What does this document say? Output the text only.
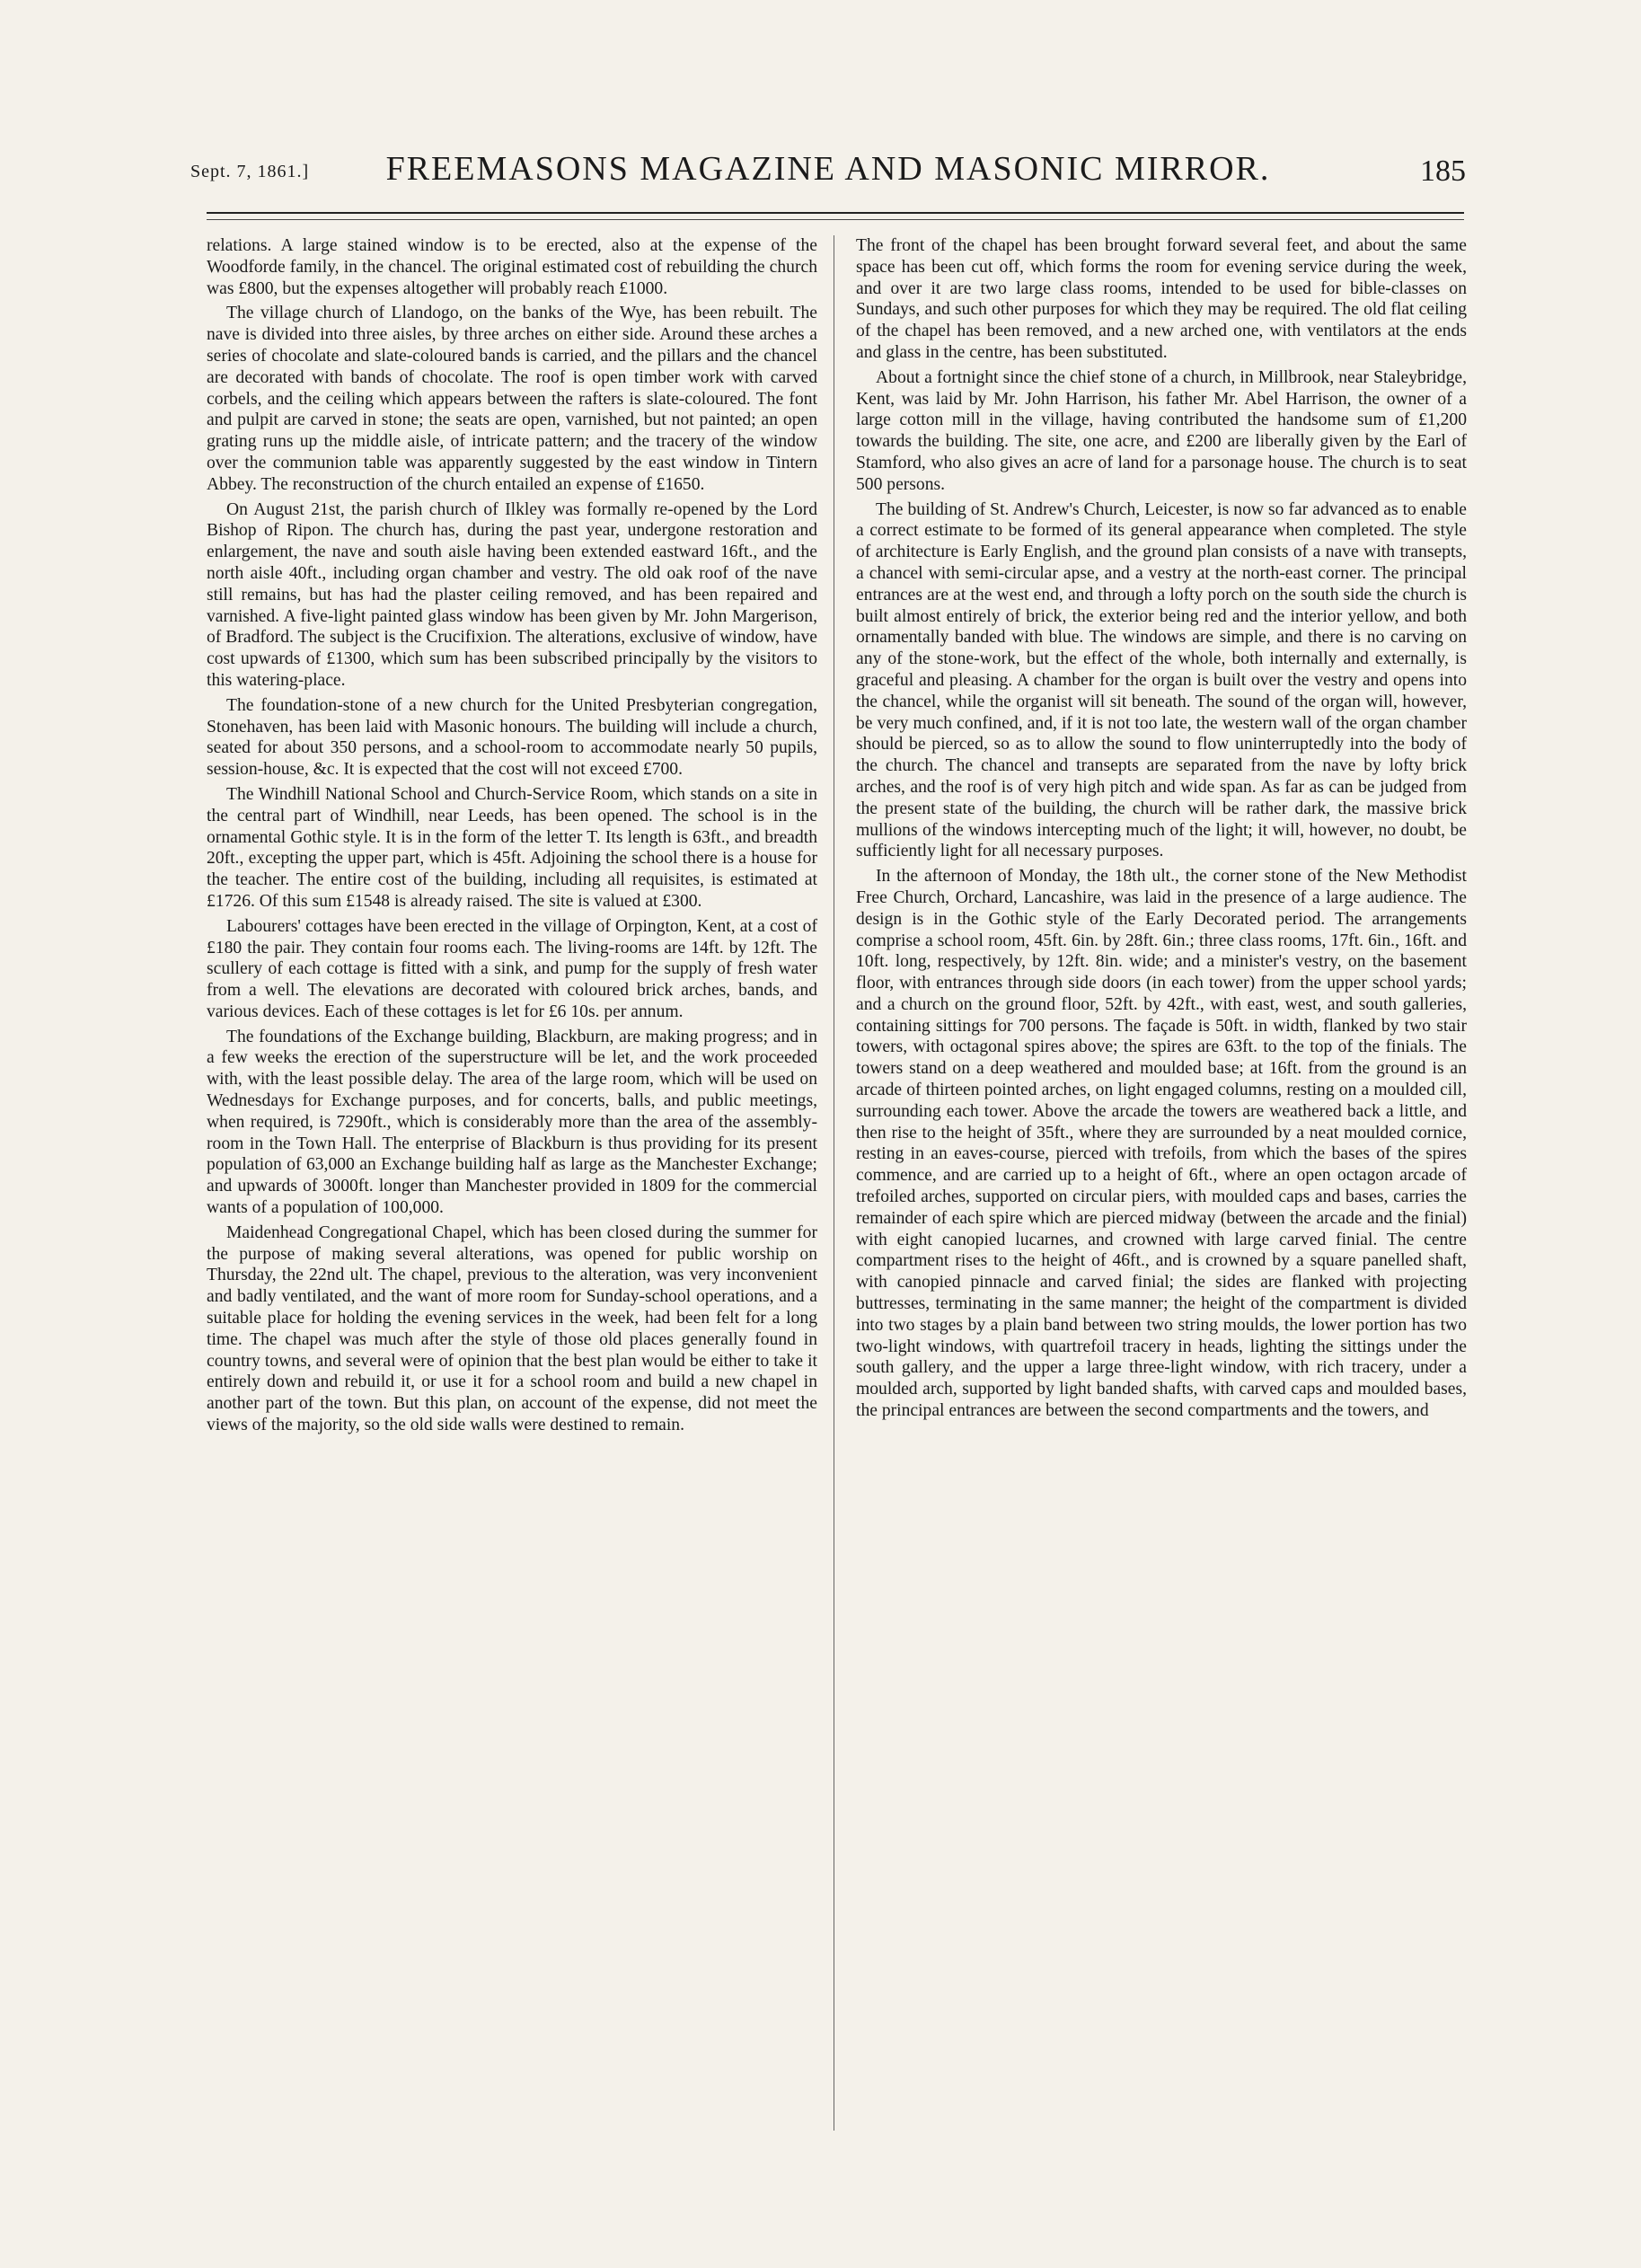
Sept. 7, 1861.]	FREEMASONS MAGAZINE AND MASONIC MIRROR.	185

relations. A large stained window is to be erected, also at the expense of the Woodforde family, in the chancel. The original estimated cost of rebuilding the church was £800, but the expenses altogether will probably reach £1000.

The village church of Llandogo, on the banks of the Wye, has been rebuilt. The nave is divided into three aisles, by three arches on either side. Around these arches a series of chocolate and slate-coloured bands is carried, and the pillars and the chancel are decorated with bands of chocolate. The roof is open timber work with carved corbels, and the ceiling which appears between the rafters is slate-coloured. The font and pulpit are carved in stone; the seats are open, varnished, but not painted; an open grating runs up the middle aisle, of intricate pattern; and the tracery of the window over the communion table was apparently suggested by the east window in Tintern Abbey. The reconstruction of the church entailed an expense of £1650.

On August 21st, the parish church of Ilkley was formally re-opened by the Lord Bishop of Ripon. The church has, during the past year, undergone restoration and enlargement, the nave and south aisle having been extended eastward 16ft., and the north aisle 40ft., including organ chamber and vestry. The old oak roof of the nave still remains, but has had the plaster ceiling removed, and has been repaired and varnished. A five-light painted glass window has been given by Mr. John Margerison, of Bradford. The subject is the Crucifixion. The alterations, exclusive of window, have cost upwards of £1300, which sum has been subscribed principally by the visitors to this watering-place.

The foundation-stone of a new church for the United Presbyterian congregation, Stonehaven, has been laid with Masonic honours. The building will include a church, seated for about 350 persons, and a school-room to accommodate nearly 50 pupils, session-house, &c. It is expected that the cost will not exceed £700.

The Windhill National School and Church-Service Room, which stands on a site in the central part of Windhill, near Leeds, has been opened. The school is in the ornamental Gothic style. It is in the form of the letter T. Its length is 63ft., and breadth 20ft., excepting the upper part, which is 45ft. Adjoining the school there is a house for the teacher. The entire cost of the building, including all requisites, is estimated at £1726. Of this sum £1548 is already raised. The site is valued at £300.

Labourers' cottages have been erected in the village of Orpington, Kent, at a cost of £180 the pair. They contain four rooms each. The living-rooms are 14ft. by 12ft. The scullery of each cottage is fitted with a sink, and pump for the supply of fresh water from a well. The elevations are decorated with coloured brick arches, bands, and various devices. Each of these cottages is let for £6 10s. per annum.

The foundations of the Exchange building, Blackburn, are making progress; and in a few weeks the erection of the superstructure will be let, and the work proceeded with, with the least possible delay. The area of the large room, which will be used on Wednesdays for Exchange purposes, and for concerts, balls, and public meetings, when required, is 7290ft., which is considerably more than the area of the assembly-room in the Town Hall. The enterprise of Blackburn is thus providing for its present population of 63,000 an Exchange building half as large as the Manchester Exchange; and upwards of 3000ft. longer than Manchester provided in 1809 for the commercial wants of a population of 100,000.

Maidenhead Congregational Chapel, which has been closed during the summer for the purpose of making several alterations, was opened for public worship on Thursday, the 22nd ult. The chapel, previous to the alteration, was very inconvenient and badly ventilated, and the want of more room for Sunday-school operations, and a suitable place for holding the evening services in the week, had been felt for a long time. The chapel was much after the style of those old places generally found in country towns, and several were of opinion that the best plan would be either to take it entirely down and rebuild it, or use it for a school room and build a new chapel in another part of the town. But this plan, on account of the expense, did not meet the views of the majority, so the old side walls were destined to remain.

The front of the chapel has been brought forward several feet, and about the same space has been cut off, which forms the room for evening service during the week, and over it are two large class rooms, intended to be used for bible-classes on Sundays, and such other purposes for which they may be required. The old flat ceiling of the chapel has been removed, and a new arched one, with ventilators at the ends and glass in the centre, has been substituted.

About a fortnight since the chief stone of a church, in Millbrook, near Staleybridge, Kent, was laid by Mr. John Harrison, his father Mr. Abel Harrison, the owner of a large cotton mill in the village, having contributed the handsome sum of £1,200 towards the building. The site, one acre, and £200 are liberally given by the Earl of Stamford, who also gives an acre of land for a parsonage house. The church is to seat 500 persons.

The building of St. Andrew's Church, Leicester, is now so far advanced as to enable a correct estimate to be formed of its general appearance when completed. The style of architecture is Early English, and the ground plan consists of a nave with transepts, a chancel with semi-circular apse, and a vestry at the north-east corner. The principal entrances are at the west end, and through a lofty porch on the south side the church is built almost entirely of brick, the exterior being red and the interior yellow, and both ornamentally banded with blue. The windows are simple, and there is no carving on any of the stone-work, but the effect of the whole, both internally and externally, is graceful and pleasing. A chamber for the organ is built over the vestry and opens into the chancel, while the organist will sit beneath. The sound of the organ will, however, be very much confined, and, if it is not too late, the western wall of the organ chamber should be pierced, so as to allow the sound to flow uninterruptedly into the body of the church. The chancel and transepts are separated from the nave by lofty brick arches, and the roof is of very high pitch and wide span. As far as can be judged from the present state of the building, the church will be rather dark, the massive brick mullions of the windows intercepting much of the light; it will, however, no doubt, be sufficiently light for all necessary purposes.

In the afternoon of Monday, the 18th ult., the corner stone of the New Methodist Free Church, Orchard, Lancashire, was laid in the presence of a large audience. The design is in the Gothic style of the Early Decorated period. The arrangements comprise a school room, 45ft. 6in. by 28ft. 6in.; three class rooms, 17ft. 6in., 16ft. and 10ft. long, respectively, by 12ft. 8in. wide; and a minister's vestry, on the basement floor, with entrances through side doors (in each tower) from the upper school yards; and a church on the ground floor, 52ft. by 42ft., with east, west, and south galleries, containing sittings for 700 persons. The façade is 50ft. in width, flanked by two stair towers, with octagonal spires above; the spires are 63ft. to the top of the finials. The towers stand on a deep weathered and moulded base; at 16ft. from the ground is an arcade of thirteen pointed arches, on light engaged columns, resting on a moulded cill, surrounding each tower. Above the arcade the towers are weathered back a little, and then rise to the height of 35ft., where they are surrounded by a neat moulded cornice, resting in an eaves-course, pierced with trefoils, from which the bases of the spires commence, and are carried up to a height of 6ft., where an open octagon arcade of trefoiled arches, supported on circular piers, with moulded caps and bases, carries the remainder of each spire which are pierced midway (between the arcade and the finial) with eight canopied lucarnes, and crowned with large carved finial. The centre compartment rises to the height of 46ft., and is crowned by a square panelled shaft, with canopied pinnacle and carved finial; the sides are flanked with projecting buttresses, terminating in the same manner; the height of the compartment is divided into two stages by a plain band between two string moulds, the lower portion has two two-light windows, with quartrefoil tracery in heads, lighting the sittings under the south gallery, and the upper a large three-light window, with rich tracery, under a moulded arch, supported by light banded shafts, with carved caps and moulded bases, the principal entrances are between the second compartments and the towers, and
